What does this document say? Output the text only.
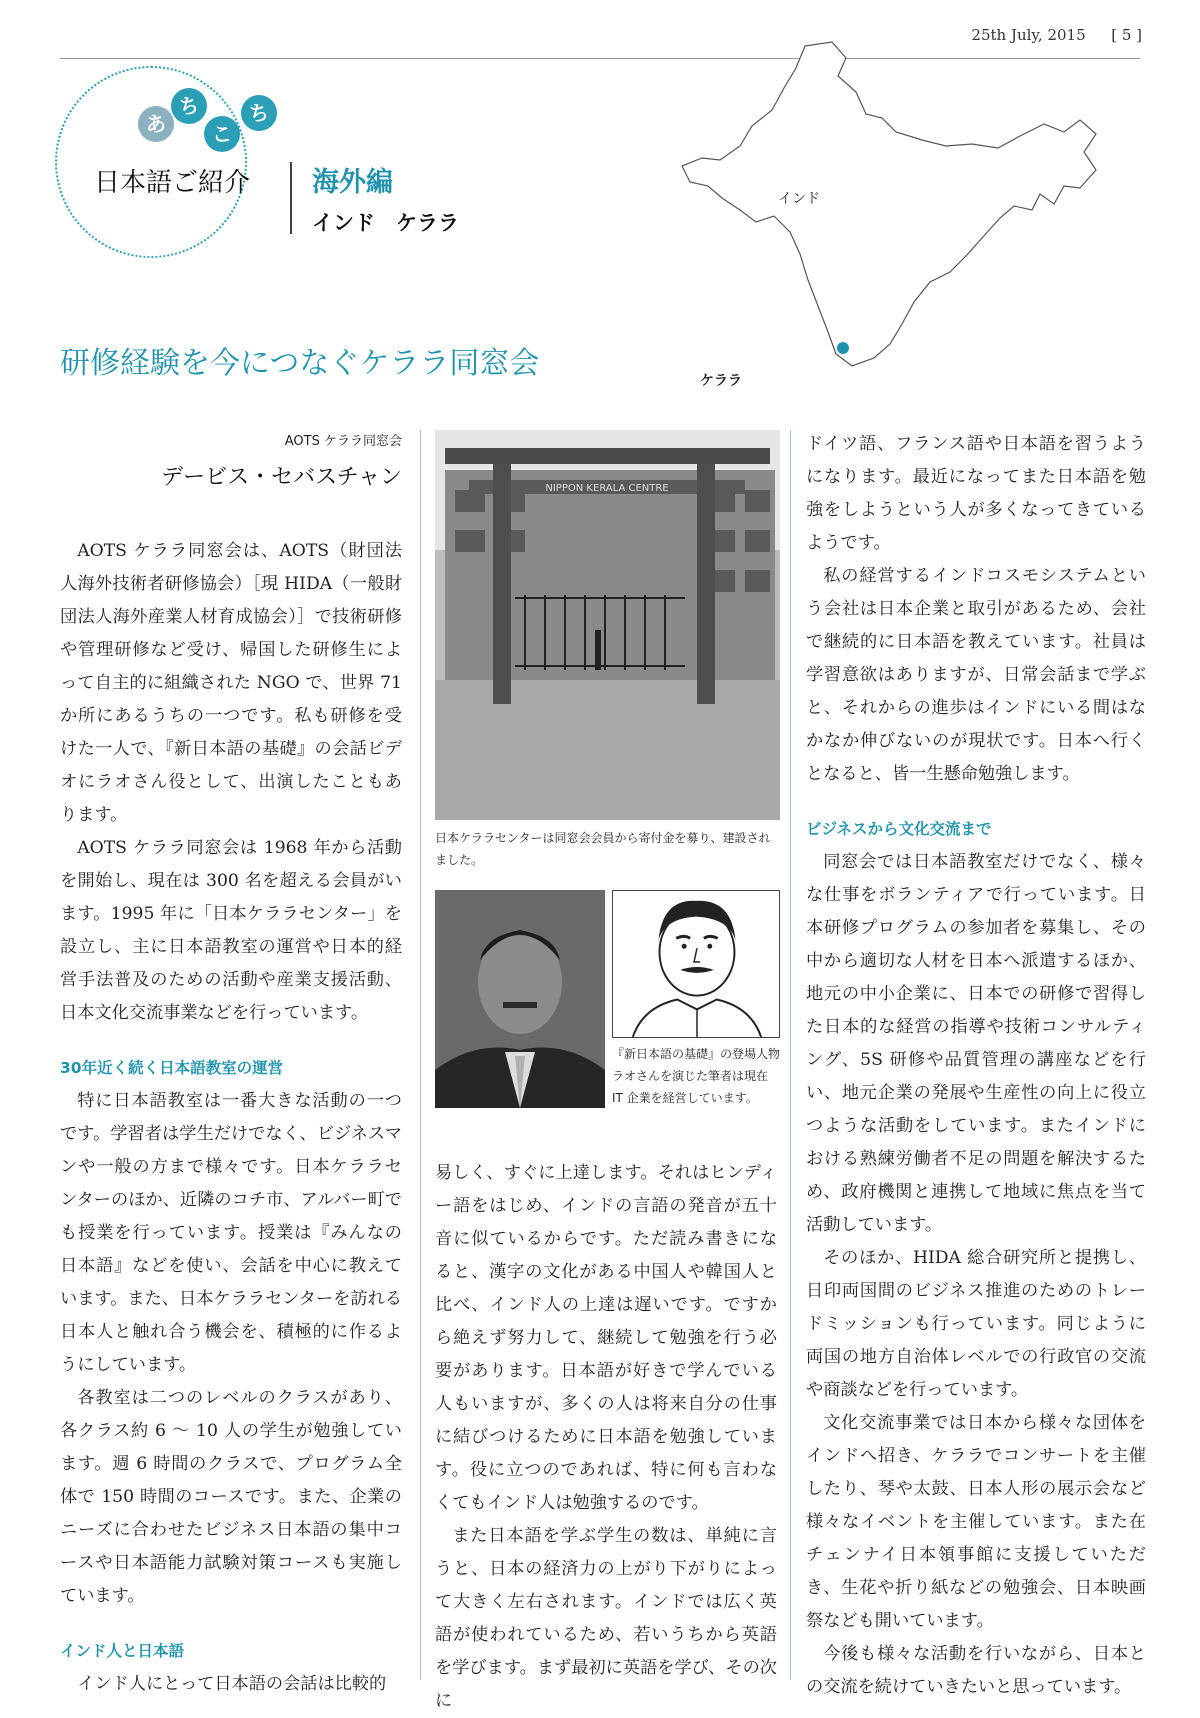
25th July, 2015 [ 5 ]
あ
ち
こ
ち
日本語ご紹介 海外編
インド　ケララ
インド
ケララ
研修経験を今につなぐケララ同窓会
AOTS ケララ同窓会
デービス・セバスチャン

AOTS ケララ同窓会は、AOTS（財団法人海外技術者研修協会）［現 HIDA（一般財団法人海外産業人材育成協会）］で技術研修や管理研修など受け、帰国した研修生によって自主的に組織された NGO で、世界 71 か所にあるうちの一つです。私も研修を受けた一人で、『新日本語の基礎』の会話ビデオにラオさん役として、出演したこともあります。

AOTS ケララ同窓会は 1968 年から活動を開始し、現在は 300 名を超える会員がいます。1995 年に「日本ケララセンター」を設立し、主に日本語教室の運営や日本的経営手法普及のための活動や産業支援活動、日本文化交流事業などを行っています。

30年近く続く日本語教室の運営

特に日本語教室は一番大きな活動の一つです。学習者は学生だけでなく、ビジネスマンや一般の方まで様々です。日本ケララセンターのほか、近隣のコチ市、アルバー町でも授業を行っています。授業は『みんなの日本語』などを使い、会話を中心に教えています。また、日本ケララセンターを訪れる日本人と触れ合う機会を、積極的に作るようにしています。

各教室は二つのレベルのクラスがあり、各クラス約 6 ～ 10 人の学生が勉強しています。週 6 時間のクラスで、プログラム全体で 150 時間のコースです。また、企業のニーズに合わせたビジネス日本語の集中コースや日本語能力試験対策コースも実施しています。

インド人と日本語

インド人にとって日本語の会話は比較的

NIPPON KERALA CENTRE
日本ケララセンターは同窓会会員から寄付金を募り、建設されました。
『新日本語の基礎』の登場人物ラオさんを演じた筆者は現在 IT 企業を経営しています。

易しく、すぐに上達します。それはヒンディー語をはじめ、インドの言語の発音が五十音に似ているからです。ただ読み書きになると、漢字の文化がある中国人や韓国人と比べ、インド人の上達は遅いです。ですから絶えず努力して、継続して勉強を行う必要があります。日本語が好きで学んでいる人もいますが、多くの人は将来自分の仕事に結びつけるために日本語を勉強しています。役に立つのであれば、特に何も言わなくてもインド人は勉強するのです。

また日本語を学ぶ学生の数は、単純に言うと、日本の経済力の上がり下がりによって大きく左右されます。インドでは広く英語が使われているため、若いうちから英語を学びます。まず最初に英語を学び、その次に

ドイツ語、フランス語や日本語を習うようになります。最近になってまた日本語を勉強をしようという人が多くなってきているようです。

私の経営するインドコスモシステムという会社は日本企業と取引があるため、会社で継続的に日本語を教えています。社員は学習意欲はありますが、日常会話まで学ぶと、それからの進歩はインドにいる間はなかなか伸びないのが現状です。日本へ行くとなると、皆一生懸命勉強します。

ビジネスから文化交流まで

同窓会では日本語教室だけでなく、様々な仕事をボランティアで行っています。日本研修プログラムの参加者を募集し、その中から適切な人材を日本へ派遣するほか、地元の中小企業に、日本での研修で習得した日本的な経営の指導や技術コンサルティング、5S 研修や品質管理の講座などを行い、地元企業の発展や生産性の向上に役立つような活動をしています。またインドにおける熟練労働者不足の問題を解決するため、政府機関と連携して地域に焦点を当て活動しています。

そのほか、HIDA 総合研究所と提携し、日印両国間のビジネス推進のためのトレードミッションも行っています。同じように両国の地方自治体レベルでの行政官の交流や商談などを行っています。

文化交流事業では日本から様々な団体をインドへ招き、ケララでコンサートを主催したり、琴や太鼓、日本人形の展示会など様々なイベントを主催しています。また在チェンナイ日本領事館に支援していただき、生花や折り紙などの勉強会、日本映画祭なども開いています。

今後も様々な活動を行いながら、日本との交流を続けていきたいと思っています。
